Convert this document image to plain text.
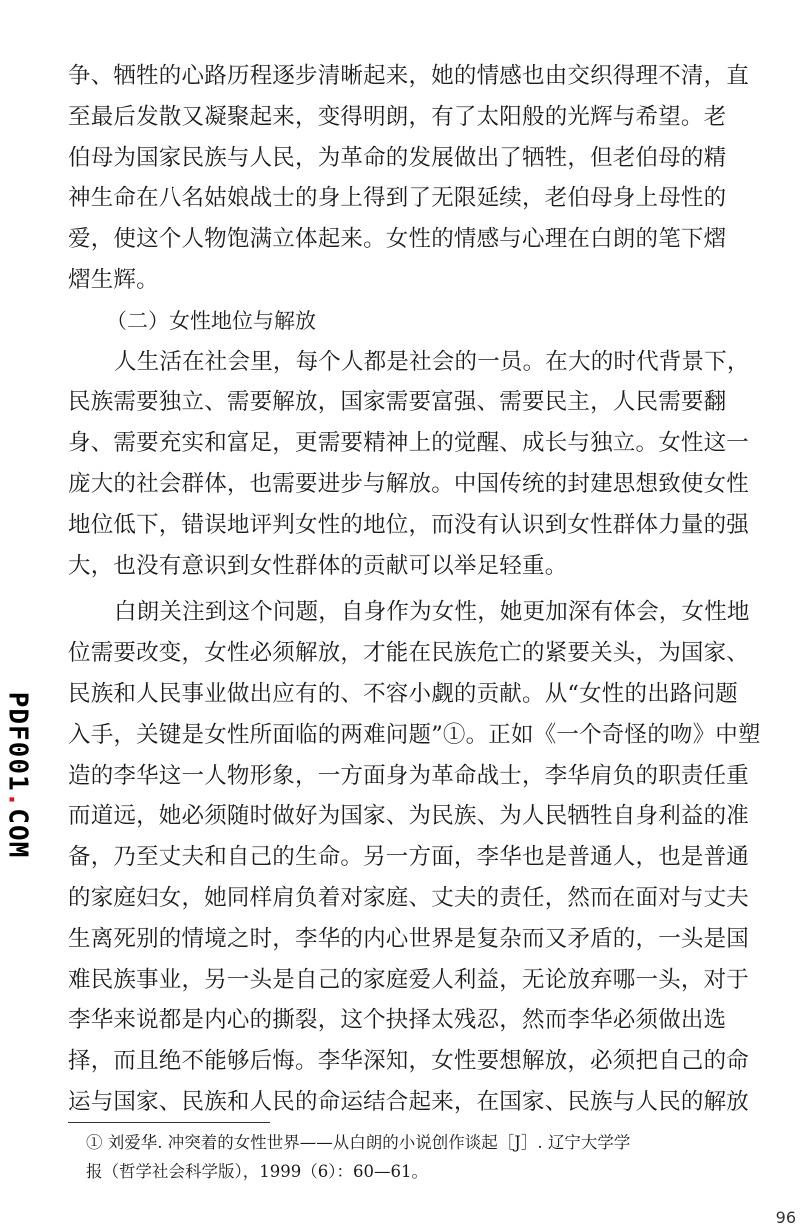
PDF001.COM
争、牺牲的心路历程逐步清晰起来，她的情感也由交织得理不清，直
至最后发散又凝聚起来，变得明朗，有了太阳般的光辉与希望。老
伯母为国家民族与人民，为革命的发展做出了牺牲，但老伯母的精
神生命在八名姑娘战士的身上得到了无限延续，老伯母身上母性的
爱，使这个人物饱满立体起来。女性的情感与心理在白朗的笔下熠
熠生辉。
（二）女性地位与解放
人生活在社会里，每个人都是社会的一员。在大的时代背景下，
民族需要独立、需要解放，国家需要富强、需要民主，人民需要翻
身、需要充实和富足，更需要精神上的觉醒、成长与独立。女性这一
庞大的社会群体，也需要进步与解放。中国传统的封建思想致使女性
地位低下，错误地评判女性的地位，而没有认识到女性群体力量的强
大，也没有意识到女性群体的贡献可以举足轻重。
白朗关注到这个问题，自身作为女性，她更加深有体会，女性地
位需要改变，女性必须解放，才能在民族危亡的紧要关头，为国家、
民族和人民事业做出应有的、不容小觑的贡献。从“女性的出路问题
入手，关键是女性所面临的两难问题”①。正如《一个奇怪的吻》中塑
造的李华这一人物形象，一方面身为革命战士，李华肩负的职责任重
而道远，她必须随时做好为国家、为民族、为人民牺牲自身利益的准
备，乃至丈夫和自己的生命。另一方面，李华也是普通人，也是普通
的家庭妇女，她同样肩负着对家庭、丈夫的责任，然而在面对与丈夫
生离死别的情境之时，李华的内心世界是复杂而又矛盾的，一头是国
难民族事业，另一头是自己的家庭爱人利益，无论放弃哪一头，对于
李华来说都是内心的撕裂，这个抉择太残忍，然而李华必须做出选
择，而且绝不能够后悔。李华深知，女性要想解放，必须把自己的命
运与国家、民族和人民的命运结合起来，在国家、民族与人民的解放
① 刘爱华. 冲突着的女性世界——从白朗的小说创作谈起［J］. 辽宁大学学
报（哲学社会科学版），1999（6）：60—61。
96
